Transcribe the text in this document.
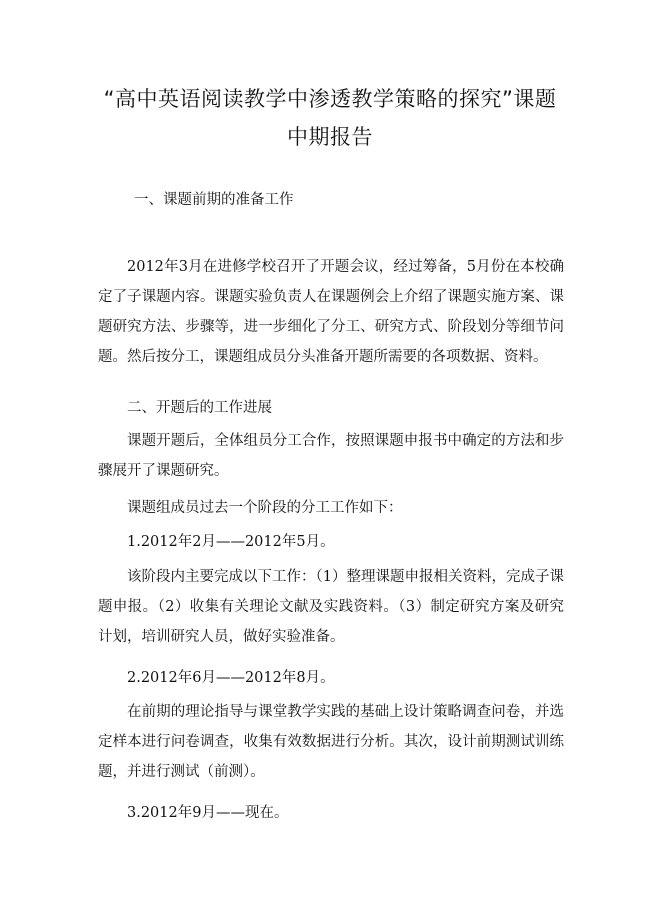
“高中英语阅读教学中渗透教学策略的探究”课题中期报告
一、课题前期的准备工作
2012年3月在进修学校召开了开题会议，经过筹备，5月份在本校确定了子课题内容。课题实验负责人在课题例会上介绍了课题实施方案、课题研究方法、步骤等，进一步细化了分工、研究方式、阶段划分等细节问题。然后按分工，课题组成员分头准备开题所需要的各项数据、资料。
二、开题后的工作进展
课题开题后，全体组员分工合作，按照课题申报书中确定的方法和步骤展开了课题研究。
课题组成员过去一个阶段的分工工作如下：
1.2012年2月——2012年5月。
该阶段内主要完成以下工作：（1）整理课题申报相关资料，完成子课题申报。（2）收集有关理论文献及实践资料。（3）制定研究方案及研究计划，培训研究人员，做好实验准备。
2.2012年6月——2012年8月。
在前期的理论指导与课堂教学实践的基础上设计策略调查问卷，并选定样本进行问卷调查，收集有效数据进行分析。其次，设计前期测试训练题，并进行测试（前测）。
3.2012年9月——现在。
